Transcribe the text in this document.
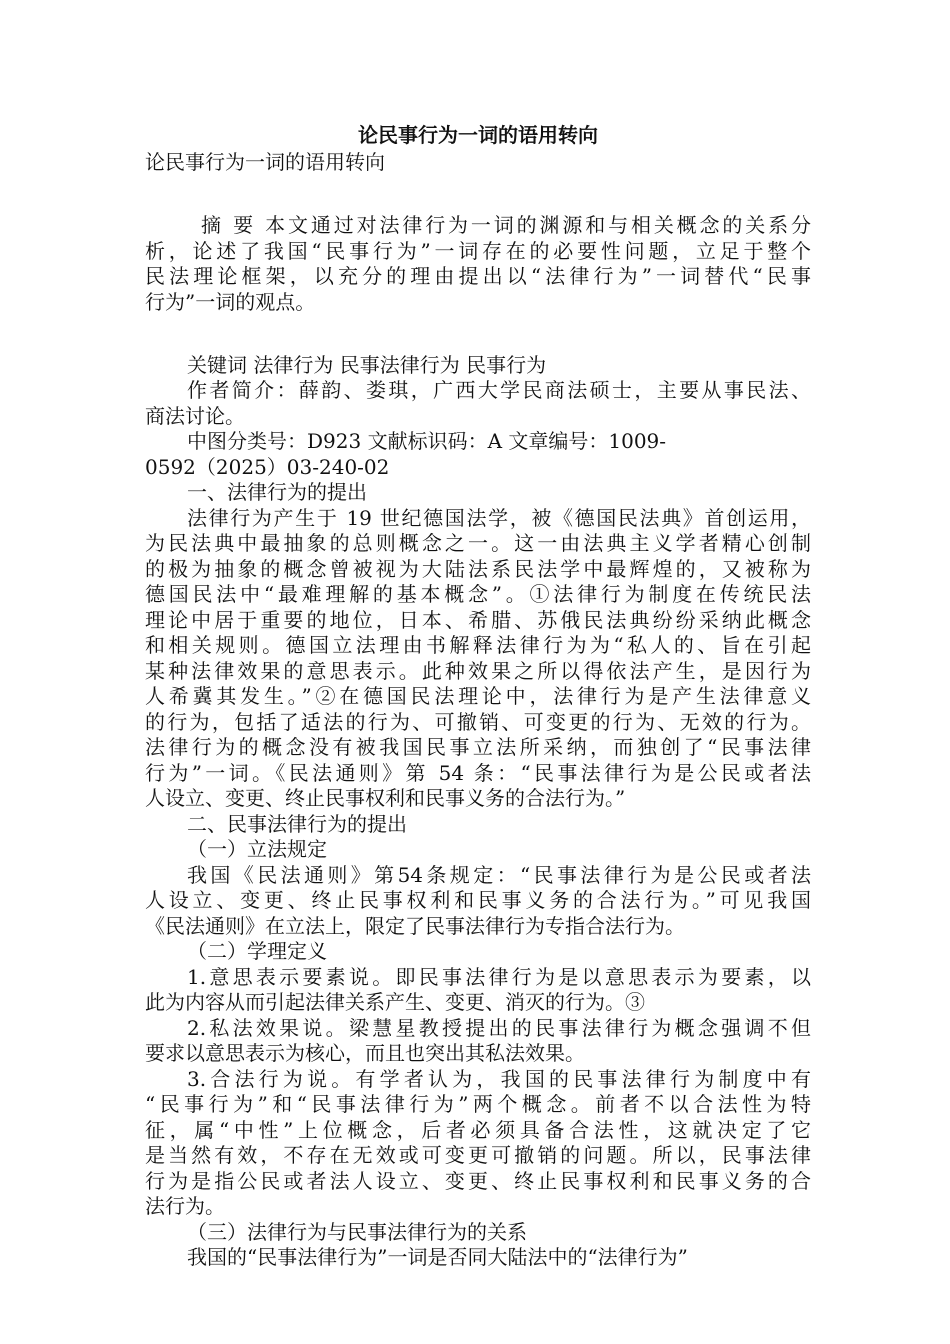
论民事行为一词的语用转向

论民事行为一词的语用转向

摘 要 本文通过对法律行为一词的渊源和与相关概念的关系分

析，论述了我国“民事行为”一词存在的必要性问题，立足于整个

民法理论框架，以充分的理由提出以“法律行为”一词替代“民事

行为”一词的观点。

关键词 法律行为 民事法律行为 民事行为

作者简介：薛韵、娄琪，广西大学民商法硕士，主要从事民法、

商法讨论。

中图分类号：D923 文献标识码：A 文章编号：1009-

0592（2025）03-240-02

一、法律行为的提出

法律行为产生于 19 世纪德国法学，被《德国民法典》首创运用，

为民法典中最抽象的总则概念之一。这一由法典主义学者精心创制

的极为抽象的概念曾被视为大陆法系民法学中最辉煌的，又被称为

德国民法中“最难理解的基本概念”。①法律行为制度在传统民法

理论中居于重要的地位，日本、希腊、苏俄民法典纷纷采纳此概念

和相关规则。德国立法理由书解释法律行为为“私人的、旨在引起

某种法律效果的意思表示。此种效果之所以得依法产生，是因行为

人希冀其发生。”②在德国民法理论中，法律行为是产生法律意义

的行为，包括了适法的行为、可撤销、可变更的行为、无效的行为。

法律行为的概念没有被我国民事立法所采纳，而独创了“民事法律

行为”一词。《民法通则》第 54 条：“民事法律行为是公民或者法

人设立、变更、终止民事权利和民事义务的合法行为。”

二、民事法律行为的提出

（一）立法规定

我国《民法通则》第54条规定：“民事法律行为是公民或者法

人设立、变更、终止民事权利和民事义务的合法行为。”可见我国

《民法通则》在立法上，限定了民事法律行为专指合法行为。

（二）学理定义

1.意思表示要素说。即民事法律行为是以意思表示为要素，以

此为内容从而引起法律关系产生、变更、消灭的行为。③

2.私法效果说。梁慧星教授提出的民事法律行为概念强调不但

要求以意思表示为核心，而且也突出其私法效果。

3.合法行为说。有学者认为，我国的民事法律行为制度中有

“民事行为”和“民事法律行为”两个概念。前者不以合法性为特

征，属“中性”上位概念，后者必须具备合法性，这就决定了它

是当然有效，不存在无效或可变更可撤销的问题。所以，民事法律

行为是指公民或者法人设立、变更、终止民事权利和民事义务的合

法行为。

（三）法律行为与民事法律行为的关系

我国的“民事法律行为”一词是否同大陆法中的“法律行为”
